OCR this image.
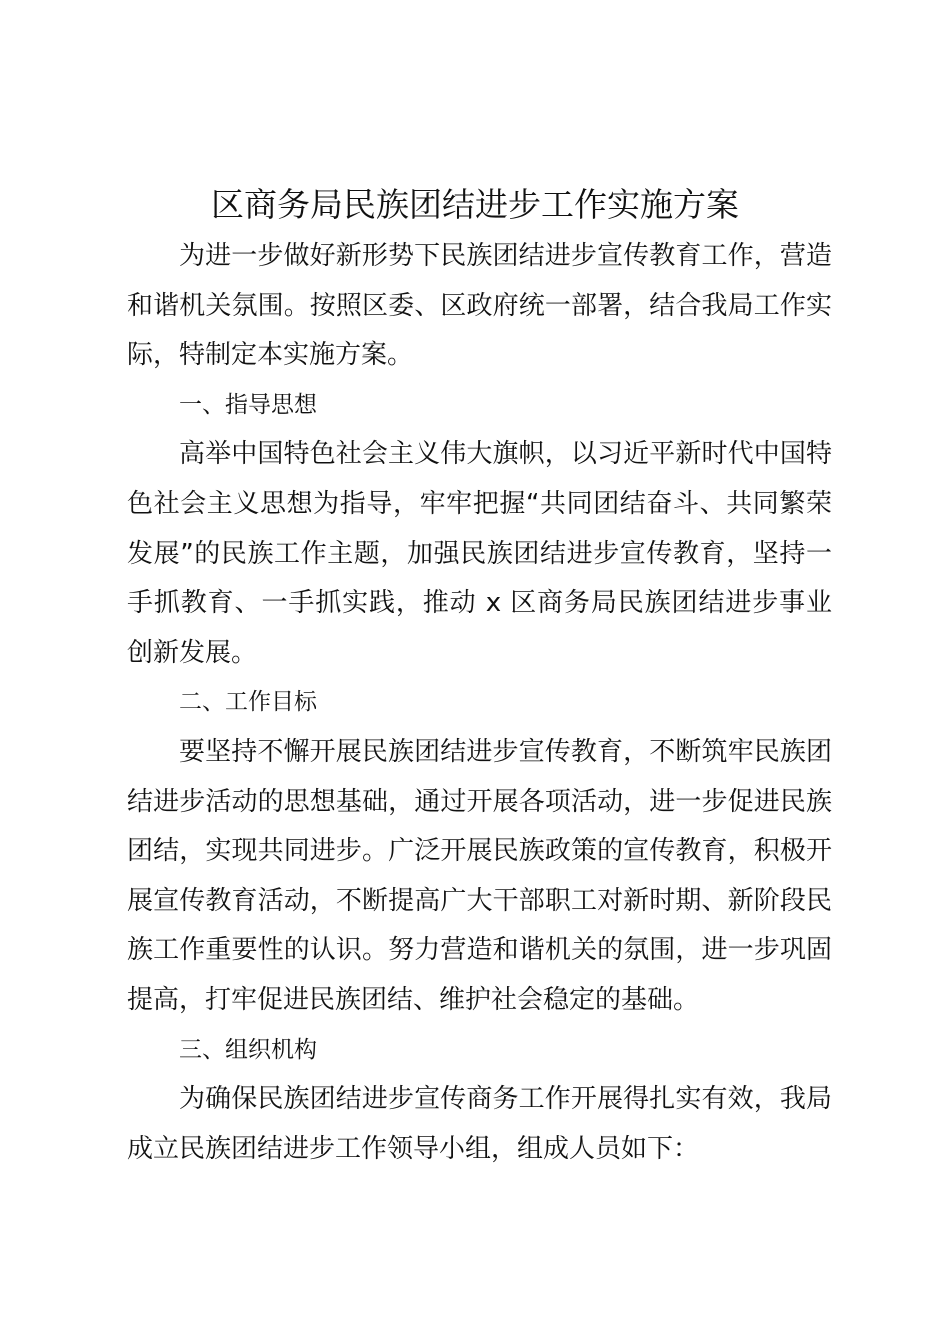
区商务局民族团结进步工作实施方案

为进一步做好新形势下民族团结进步宣传教育工作，营造和谐机关氛围。按照区委、区政府统一部署，结合我局工作实际，特制定本实施方案。

一、指导思想

高举中国特色社会主义伟大旗帜，以习近平新时代中国特色社会主义思想为指导，牢牢把握“共同团结奋斗、共同繁荣发展”的民族工作主题，加强民族团结进步宣传教育，坚持一手抓教育、一手抓实践，推动 x 区商务局民族团结进步事业创新发展。

二、工作目标

要坚持不懈开展民族团结进步宣传教育，不断筑牢民族团结进步活动的思想基础，通过开展各项活动，进一步促进民族团结，实现共同进步。广泛开展民族政策的宣传教育，积极开展宣传教育活动，不断提高广大干部职工对新时期、新阶段民族工作重要性的认识。努力营造和谐机关的氛围，进一步巩固提高，打牢促进民族团结、维护社会稳定的基础。

三、组织机构

为确保民族团结进步宣传商务工作开展得扎实有效，我局成立民族团结进步工作领导小组，组成人员如下：
